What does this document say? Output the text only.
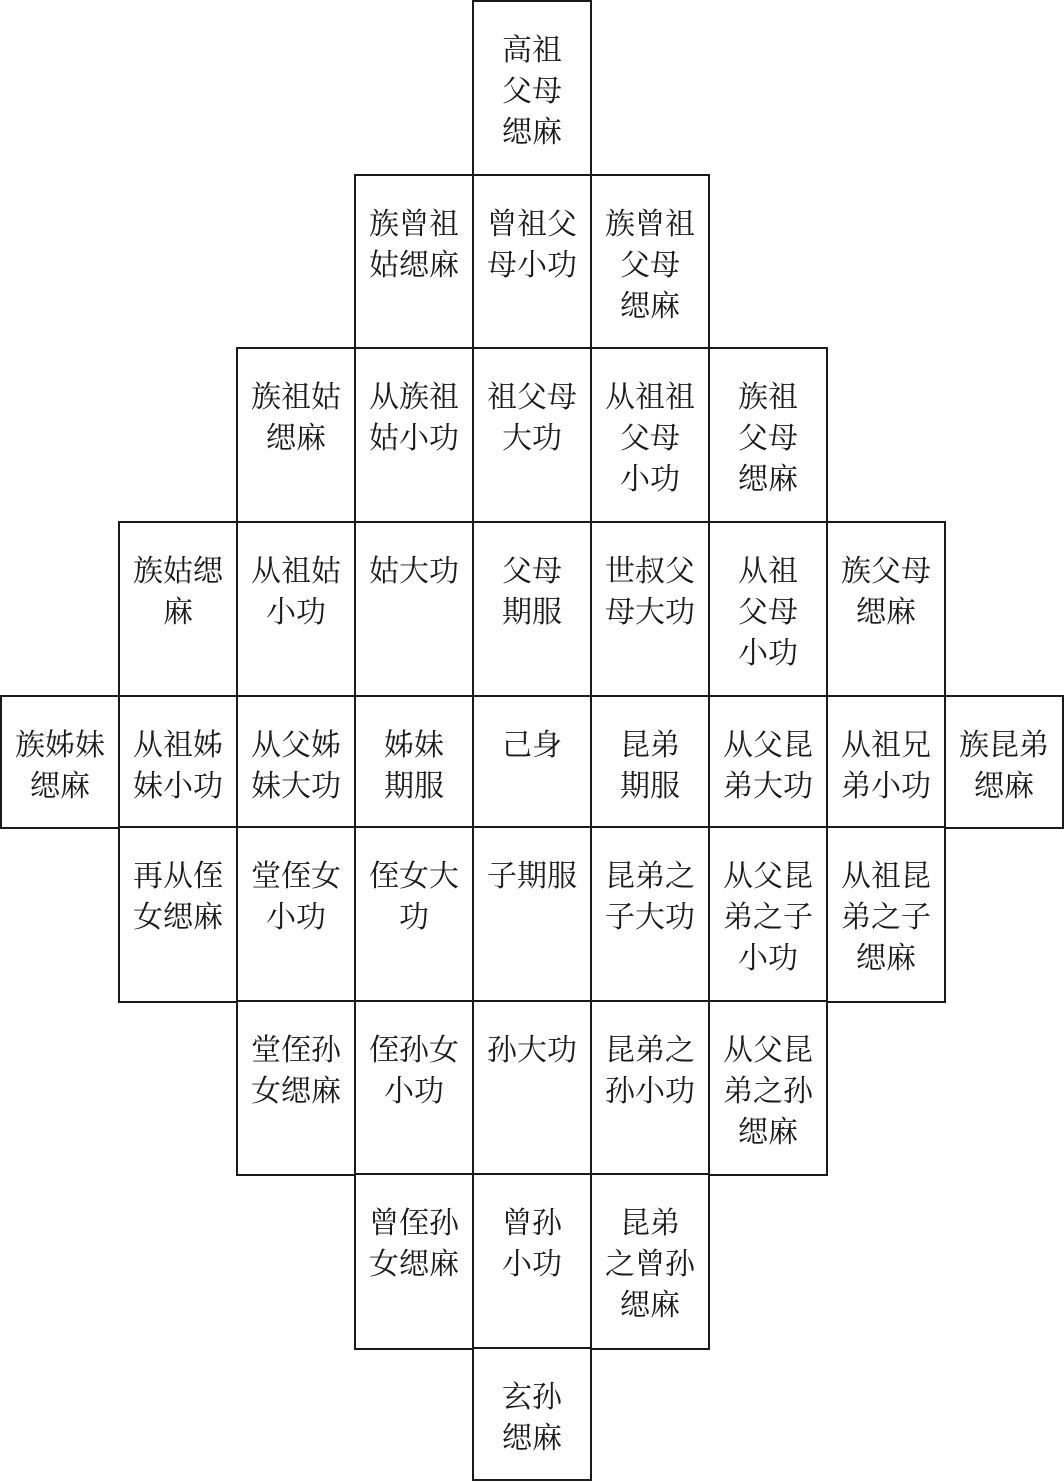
高祖
父母
缌麻
族曾祖
姑缌麻
曾祖父
母小功
族曾祖
父母
缌麻
族祖姑
缌麻
从族祖
姑小功
祖父母
大功
从祖祖
父母
小功
族祖
父母
缌麻
族姑缌
麻
从祖姑
小功
姑大功 父母
期服
世叔父
母大功
从祖
父母
小功
族父母
缌麻
族姊妹
缌麻
从祖姊
妹小功
从父姊
妹大功
姊妹
期服
己身 昆弟
期服
从父昆
弟大功
从祖兄
弟小功
族昆弟
缌麻
再从侄
女缌麻
堂侄女
小功
侄女大
功
子期服 昆弟之
子大功
从父昆
弟之子
小功
从祖昆
弟之子
缌麻
堂侄孙
女缌麻
侄孙女
小功
孙大功 昆弟之
孙小功
从父昆
弟之孙
缌麻
曾侄孙
女缌麻
曾孙
小功
昆弟
之曾孙
缌麻
玄孙
缌麻
